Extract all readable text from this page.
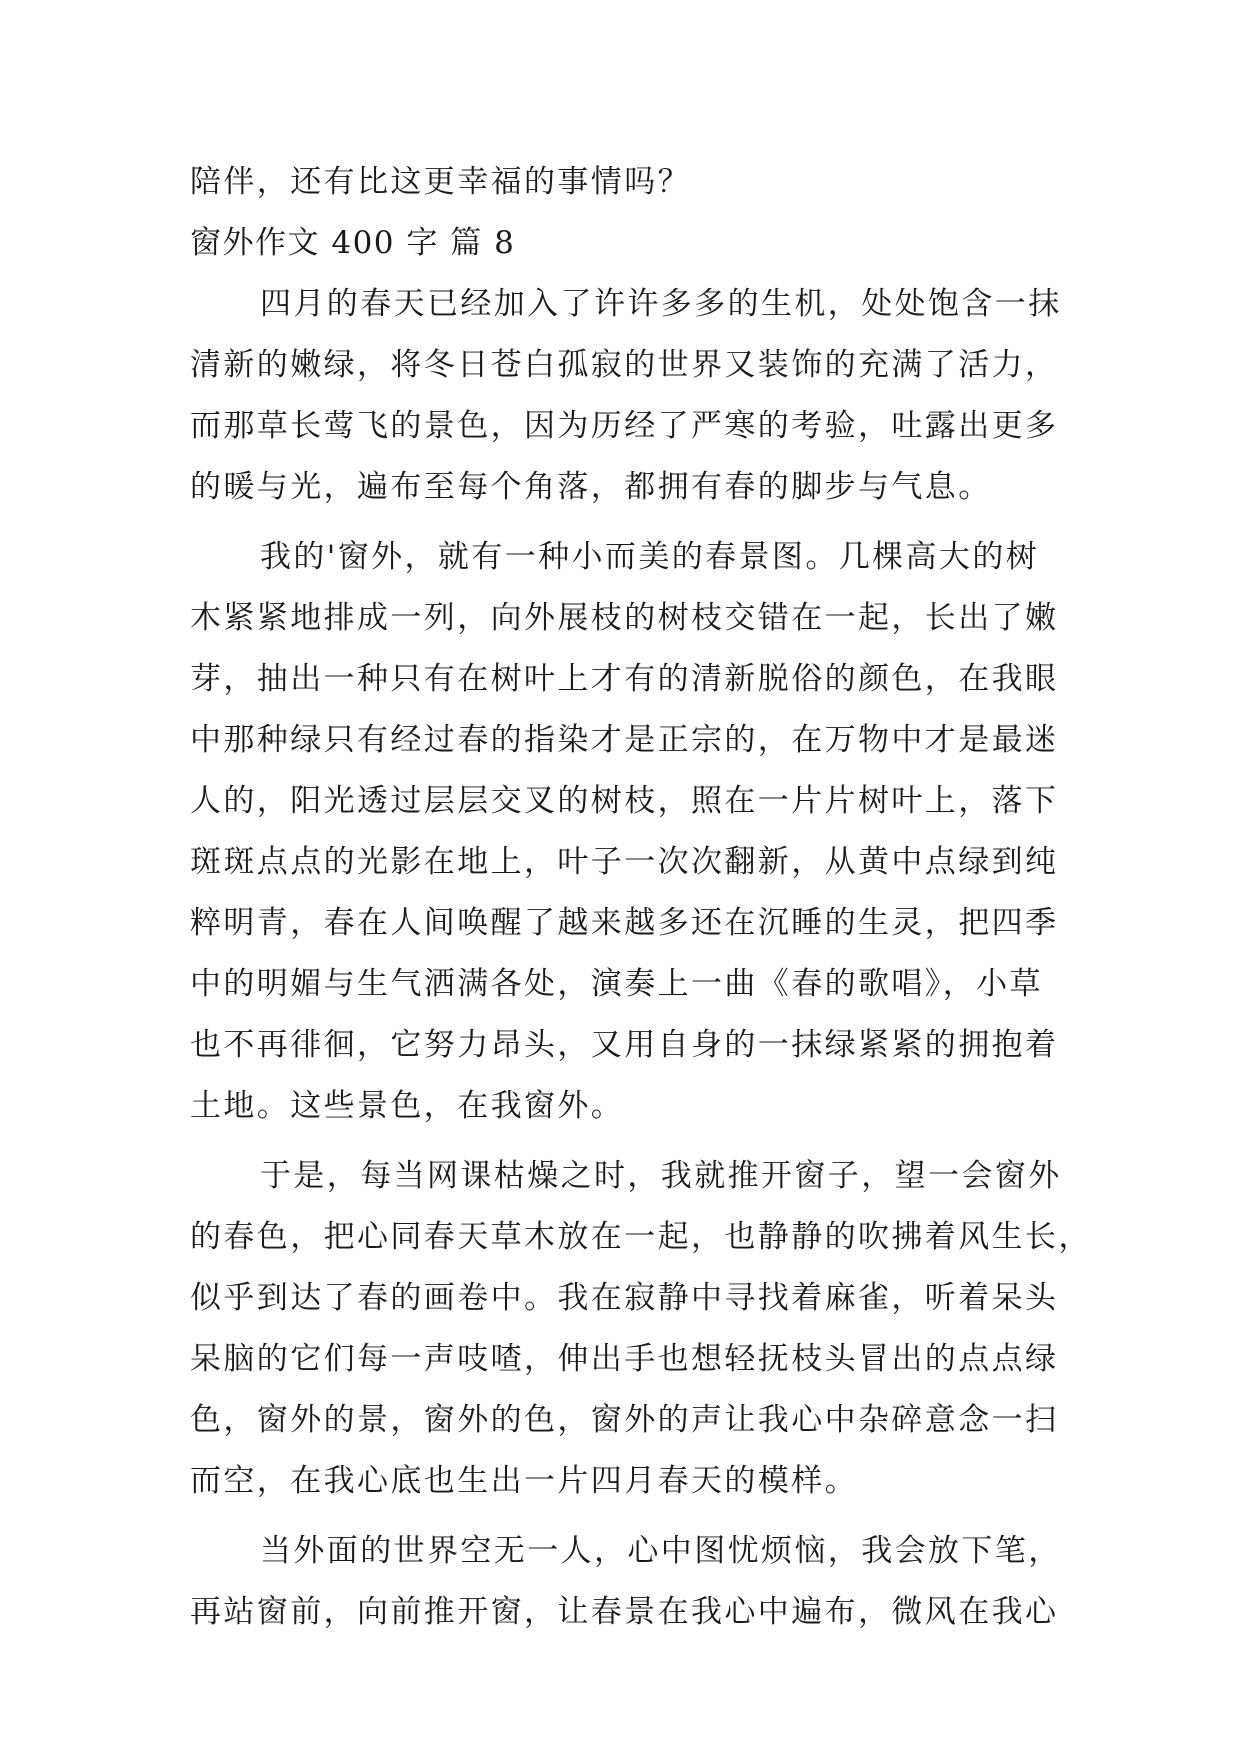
陪伴，还有比这更幸福的事情吗？
窗外作文 400 字 篇 8
四月的春天已经加入了许许多多的生机，处处饱含一抹
清新的嫩绿，将冬日苍白孤寂的世界又装饰的充满了活力，
而那草长莺飞的景色，因为历经了严寒的考验，吐露出更多
的暖与光，遍布至每个角落，都拥有春的脚步与气息。
我的'窗外，就有一种小而美的春景图。几棵高大的树
木紧紧地排成一列，向外展枝的树枝交错在一起，长出了嫩
芽，抽出一种只有在树叶上才有的清新脱俗的颜色，在我眼
中那种绿只有经过春的指染才是正宗的，在万物中才是最迷
人的，阳光透过层层交叉的树枝，照在一片片树叶上，落下
斑斑点点的光影在地上，叶子一次次翻新，从黄中点绿到纯
粹明青，春在人间唤醒了越来越多还在沉睡的生灵，把四季
中的明媚与生气洒满各处，演奏上一曲《春的歌唱》，小草
也不再徘徊，它努力昂头，又用自身的一抹绿紧紧的拥抱着
土地。这些景色，在我窗外。
于是，每当网课枯燥之时，我就推开窗子，望一会窗外
的春色，把心同春天草木放在一起，也静静的吹拂着风生长，
似乎到达了春的画卷中。我在寂静中寻找着麻雀，听着呆头
呆脑的它们每一声吱喳，伸出手也想轻抚枝头冒出的点点绿
色，窗外的景，窗外的色，窗外的声让我心中杂碎意念一扫
而空，在我心底也生出一片四月春天的模样。
当外面的世界空无一人，心中图忧烦恼，我会放下笔，
再站窗前，向前推开窗，让春景在我心中遍布，微风在我心
